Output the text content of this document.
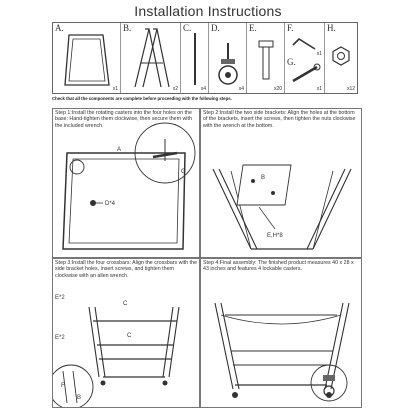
Installation Instructions
A.
x1
B.
x2
C.
x4
D.
x4
E.
x20
F.
x1
G.
x1
H.
x12
Check that all the components are complete before proceeding with the following steps.
A
D*4
G
Step 1:Install the rotating casters into the four holes on the base: Hand-tighten them clockwise, then secure them with the included wrench.
B
E,H*8
Step 2:Install the two side brackets: Align the holes at the bottom of the brackets, insert the screws, then tighten the nuts clockwise with the wrench at the bottom.
E*2
C
E*2	C
F
B
Step 3:Install the four crossbars: Align the crossbars with the side bracket holes, insert screws, and tighten them clockwise with an allen wrench.
Step 4:Final assembly: The finished product measures 40 x 28 x 43 inches and features 4 lockable casters.
